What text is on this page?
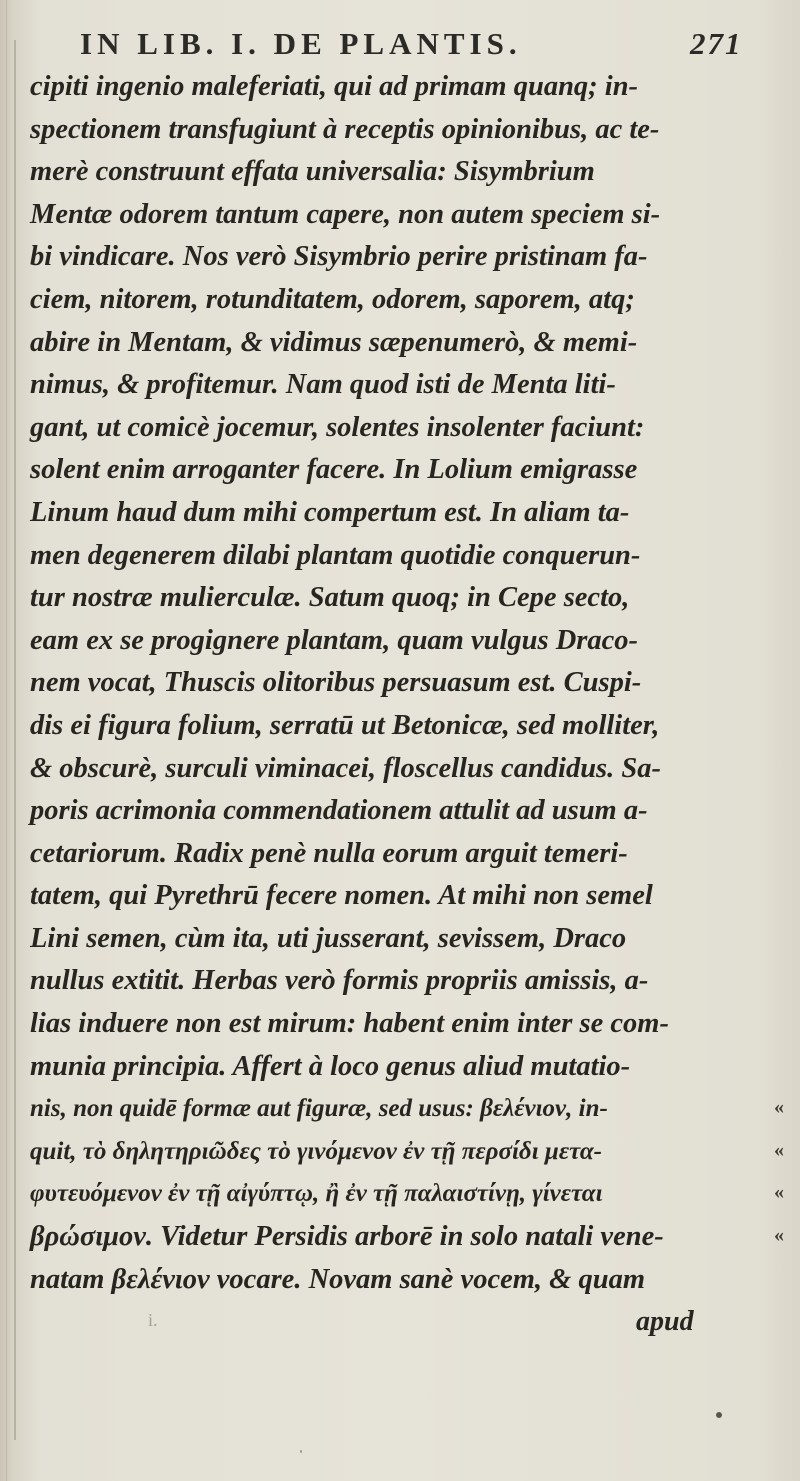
IN LIB. I. DE PLANTIS.	271
cipiti ingenio maleferiati, qui ad primam quanq; in-
spectionem transfugiunt à receptis opinionibus, ac te-
merè construunt effata universalia: Sisymbrium
Mentæ odorem tantum capere, non autem speciem si-
bi vindicare. Nos verò Sisymbrio perire pristinam fa-
ciem, nitorem, rotunditatem, odorem, saporem, atq;
abire in Mentam, & vidimus sæpenumerò, & memi-
nimus, & profitemur. Nam quod isti de Menta liti-
gant, ut comicè jocemur, solentes insolenter faciunt:
solent enim arroganter facere. In Lolium emigrasse
Linum haud dum mihi compertum est. In aliam ta-
men degenerem dilabi plantam quotidie conquerun-
tur nostræ mulierculæ. Satum quoq; in Cepe secto,
eam ex se progignere plantam, quam vulgus Draco-
nem vocat, Thuscis olitoribus persuasum est. Cuspi-
dis ei figura folium, serratū ut Betonicæ, sed molliter,
& obscurè, surculi viminacei, floscellus candidus. Sa-
poris acrimonia commendationem attulit ad usum a-
cetariorum. Radix penè nulla eorum arguit temeri-
tatem, qui Pyrethrū fecere nomen. At mihi non semel
Lini semen, cùm ita, uti jusserant, sevissem, Draco
nullus extitit. Herbas verò formis propriis amissis, a-
lias induere non est mirum: habent enim inter se com-
munia principia. Affert à loco genus aliud mutatio-
nis, non quidē formæ aut figuræ, sed usus: βελένιον, in-
quit, τὸ δηλητηριῶδες τὸ γινόμενον ἐν τῇ περσίδι μετα-
φυτευόμενον ἐν τῇ αἰγύπτῳ, ἢ ἐν τῇ παλαιστίνῃ, γίνεται
βρώσιμον. Videtur Persidis arborē in solo natali vene-
natam βελένιον vocare. Novam sanè vocem, & quam
«
«
«
«
i.	apud
